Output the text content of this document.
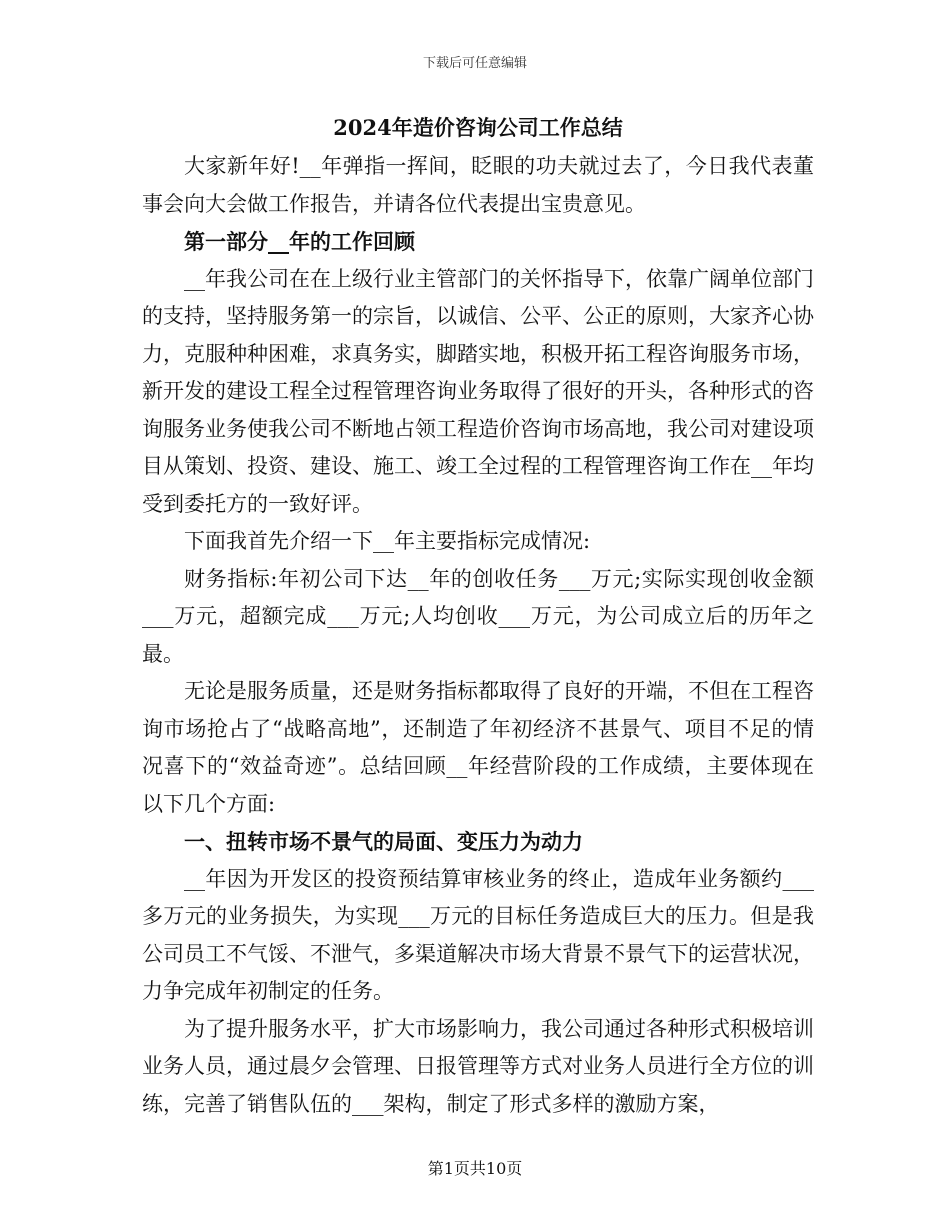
下载后可任意编辑
2024年造价咨询公司工作总结

大家新年好!__年弹指一挥间，眨眼的功夫就过去了，今日我代表董事会向大会做工作报告，并请各位代表提出宝贵意见。

第一部分__年的工作回顾

__年我公司在在上级行业主管部门的关怀指导下，依靠广阔单位部门的支持，坚持服务第一的宗旨，以诚信、公平、公正的原则，大家齐心协力，克服种种困难，求真务实，脚踏实地，积极开拓工程咨询服务市场，新开发的建设工程全过程管理咨询业务取得了很好的开头，各种形式的咨询服务业务使我公司不断地占领工程造价咨询市场高地，我公司对建设项目从策划、投资、建设、施工、竣工全过程的工程管理咨询工作在__年均受到委托方的一致好评。

下面我首先介绍一下__年主要指标完成情况:

财务指标:年初公司下达__年的创收任务___万元;实际实现创收金额___万元，超额完成___万元;人均创收___万元，为公司成立后的历年之最。

无论是服务质量，还是财务指标都取得了良好的开端，不但在工程咨询市场抢占了“战略高地”，还制造了年初经济不甚景气、项目不足的情况喜下的“效益奇迹”。总结回顾__年经营阶段的工作成绩，主要体现在以下几个方面:

一、扭转市场不景气的局面、变压力为动力

__年因为开发区的投资预结算审核业务的终止，造成年业务额约___多万元的业务损失，为实现___万元的目标任务造成巨大的压力。但是我公司员工不气馁、不泄气，多渠道解决市场大背景不景气下的运营状况，力争完成年初制定的任务。

为了提升服务水平，扩大市场影响力，我公司通过各种形式积极培训业务人员，通过晨夕会管理、日报管理等方式对业务人员进行全方位的训练，完善了销售队伍的___架构，制定了形式多样的激励方案，

第1页共10页
